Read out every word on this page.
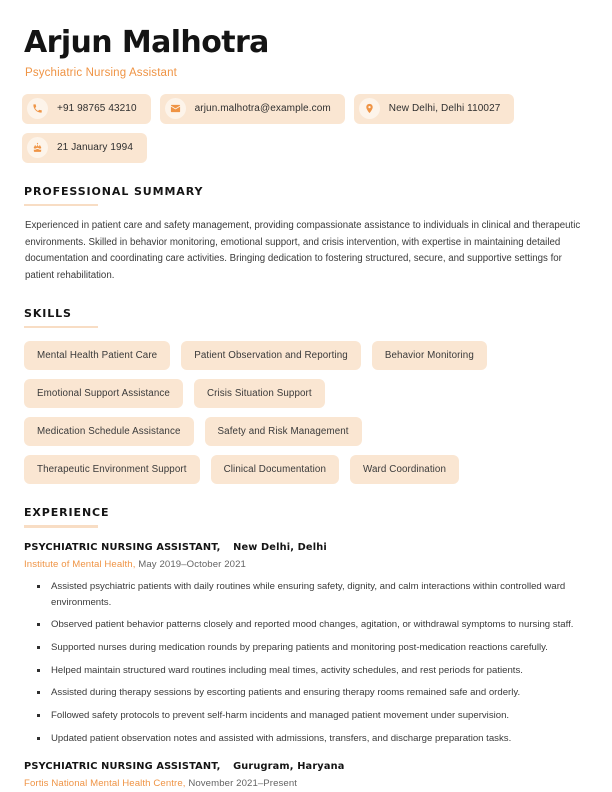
Arjun Malhotra
Psychiatric Nursing Assistant
+91 98765 43210	arjun.malhotra@example.com	New Delhi, Delhi 110027
21 January 1994
PROFESSIONAL SUMMARY

Experienced in patient care and safety management, providing compassionate assistance to individuals in clinical and therapeutic environments. Skilled in behavior monitoring, emotional support, and crisis intervention, with expertise in maintaining detailed documentation and coordinating care activities. Bringing dedication to fostering structured, secure, and supportive settings for patient rehabilitation.

SKILLS
Mental Health Patient Care	Patient Observation and Reporting	Behavior Monitoring
Emotional Support Assistance	Crisis Situation Support
Medication Schedule Assistance	Safety and Risk Management
Therapeutic Environment Support	Clinical Documentation	Ward Coordination
EXPERIENCE
PSYCHIATRIC NURSING ASSISTANT, New Delhi, Delhi
Institute of Mental Health, May 2019–October 2021
Assisted psychiatric patients with daily routines while ensuring safety, dignity, and calm interactions within controlled ward environments.
Observed patient behavior patterns closely and reported mood changes, agitation, or withdrawal symptoms to nursing staff.
Supported nurses during medication rounds by preparing patients and monitoring post-medication reactions carefully.
Helped maintain structured ward routines including meal times, activity schedules, and rest periods for patients.
Assisted during therapy sessions by escorting patients and ensuring therapy rooms remained safe and orderly.
Followed safety protocols to prevent self-harm incidents and managed patient movement under supervision.
Updated patient observation notes and assisted with admissions, transfers, and discharge preparation tasks.
PSYCHIATRIC NURSING ASSISTANT, Gurugram, Haryana
Fortis National Mental Health Centre, November 2021–Present
